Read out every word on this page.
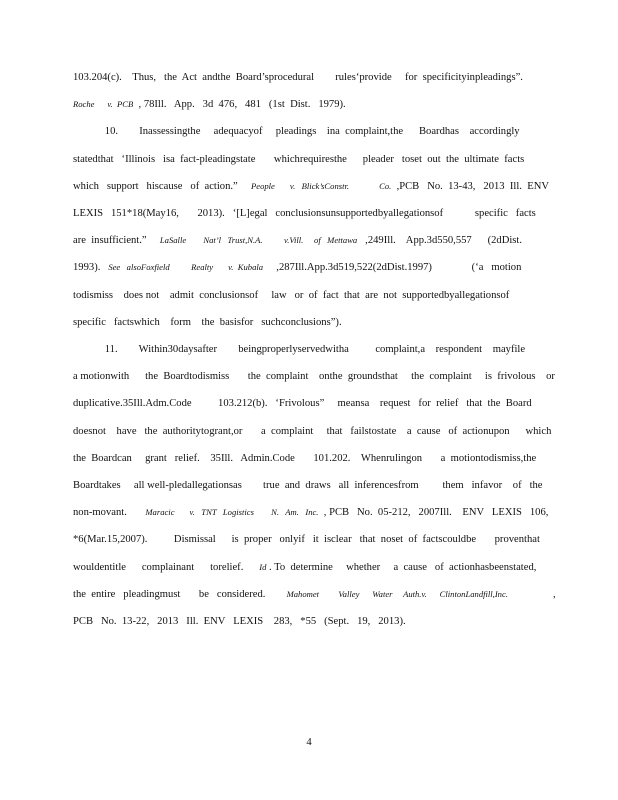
103.204(c).    Thus,   the  Act  andthe  Board’sprocedural        rules‘provide     for  specificityinpleadings”.
Roche      v.  PCB  , 78Ill.   App.   3d  476,   481   (1st  Dist.   1979).
10.        Inassessingthe     adequacyof     pleadings    ina  complaint,the      Boardhas    accordingly
statedthat   ‘Illinois   isa  fact-pleadingstate       whichrequiresthe      pleader   toset  out  the  ultimate  facts
which   support   hiscause   of  action.”     People       v.   Blick’sConstr.              Co.  ,PCB   No.  13-43,   2013  Ill.  ENV
LEXIS   151*18(May16,       2013).   ‘[L]egal   conclusionsunsupportedbyallegationsof            specific   facts
are  insufficient.”     LaSalle        Nat’l   Trust,N.A.          v.Vill.     of   Mettawa   ,249Ill.    App.3d550,557      (2dDist.
1993).   See   alsoFoxfield          Realty       v.  Kubala     ,287Ill.App.3d519,522(2dDist.1997)               (‘a   motion
todismiss    does not    admit  conclusionsof     law   or  of  fact  that  are  not  supportedbyallegationsof
specific   factswhich    form    the  basisfor   suchconclusions”).
11.        Within30daysafter        beingproperlyservedwitha          complaint,a    respondent    mayfile
a motionwith      the  Boardtodismiss       the  complaint    onthe  groundsthat     the  complaint     is  frivolous    or
duplicative.35Ill.Adm.Code          103.212(b).   ‘Frivolous”     meansa    request   for  relief   that  the  Board
doesnot    have   the  authoritytogrant,or       a  complaint     that   failstostate    a  cause   of  actionupon      which
the  Boardcan     grant   relief.    35Ill.   Admin.Code       101.202.    Whenrulingon       a  motiontodismiss,the
Boardtakes     all well-pledallegationsas        true  and  draws   all  inferencesfrom         them   infavor    of   the
non-movant.       Maracic       v.   TNT   Logistics        N.   Am.   Inc.  , PCB   No.  05-212,   2007Ill.    ENV   LEXIS   106,
*6(Mar.15,2007).          Dismissal      is  proper   onlyif   it  isclear   that  noset  of  factscouldbe       proventhat
wouldentitle      complainant      torelief.      Id . To  determine     whether     a  cause   of  actionhasbeenstated,
the  entire   pleadingmust       be   considered.        Mahomet         Valley      Water     Auth.v.      ClintonLandfill,Inc.                 ,
PCB   No.  13-22,   2013   Ill.  ENV   LEXIS    283,   *55   (Sept.   19,   2013).
4
